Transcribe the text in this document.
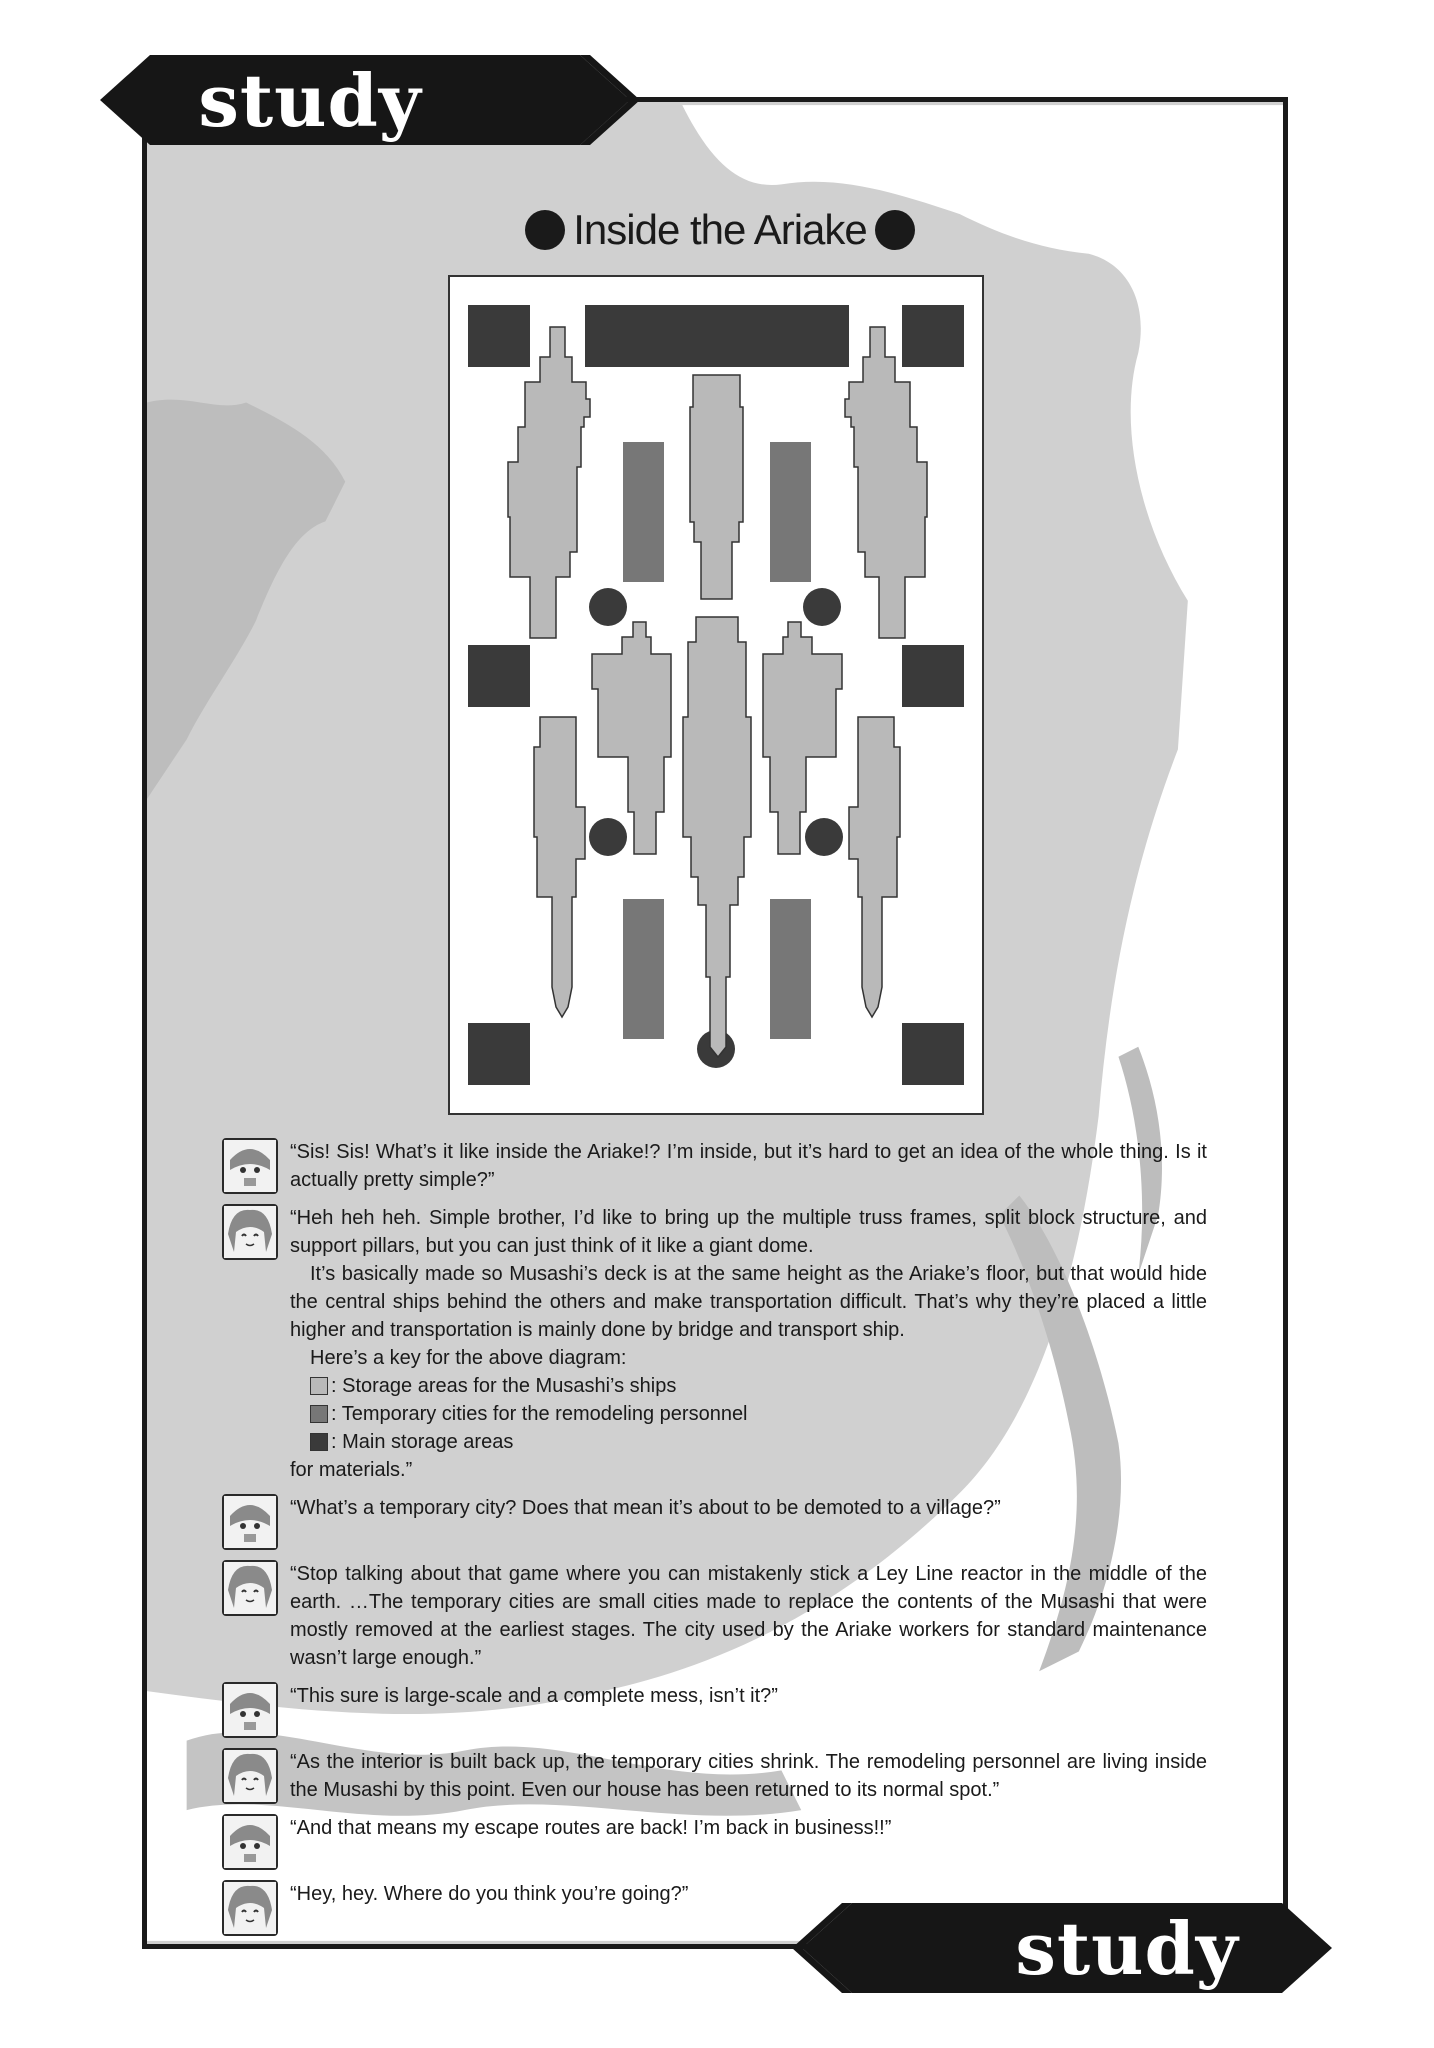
study
study
Inside the Ariake

“Sis! Sis! What’s it like inside the Ariake!? I’m inside, but it’s hard to get an idea of the whole thing. Is it actually pretty simple?”

“Heh heh heh. Simple brother, I’d like to bring up the multiple truss frames, split block structure, and support pillars, but you can just think of it like a giant dome.

It’s basically made so Musashi’s deck is at the same height as the Ariake’s floor, but that would hide the central ships behind the others and make transportation difficult. That’s why they’re placed a little higher and transportation is mainly done by bridge and transport ship.

Here’s a key for the above diagram:
: Storage areas for the Musashi’s ships
: Temporary cities for the remodeling personnel
: Main storage areas
for materials.”

“What’s a temporary city? Does that mean it’s about to be demoted to a village?”

“Stop talking about that game where you can mistakenly stick a Ley Line reactor in the middle of the earth. …The temporary cities are small cities made to replace the contents of the Musashi that were mostly removed at the earliest stages. The city used by the Ariake workers for standard maintenance wasn’t large enough.”

“This sure is large-scale and a complete mess, isn’t it?”

“As the interior is built back up, the temporary cities shrink. The remodeling personnel are living inside the Musashi by this point. Even our house has been returned to its normal spot.”

“And that means my escape routes are back! I’m back in business!!”

“Hey, hey. Where do you think you’re going?”
